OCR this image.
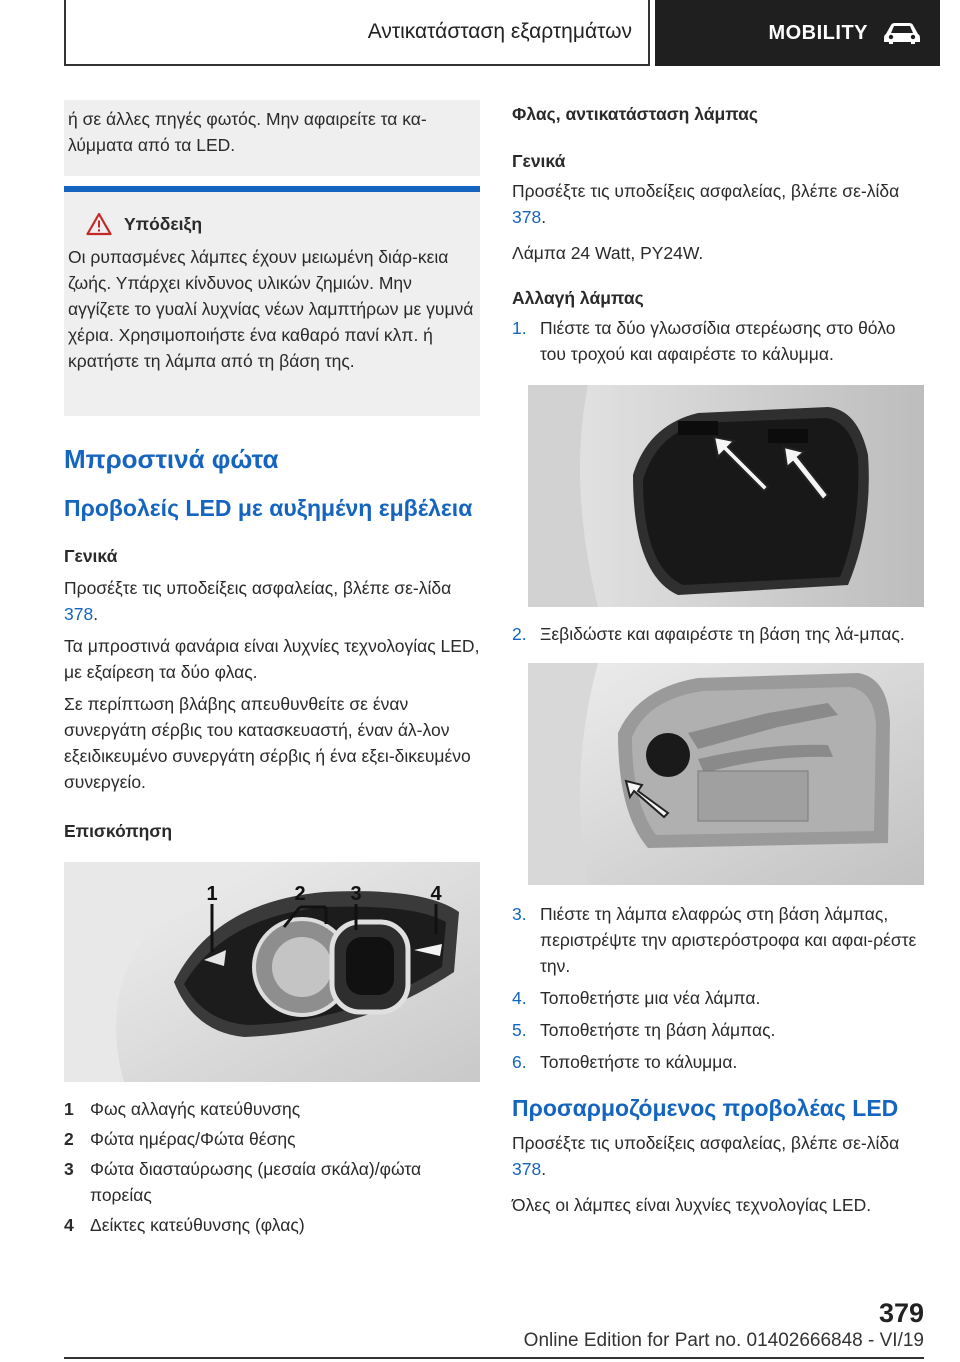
Αντικατάσταση εξαρτημάτων	MOBILITY

ή σε άλλες πηγές φωτός. Μην αφαιρείτε τα κα‐λύμματα από τα LED.

Υπόδειξη

Οι ρυπασμένες λάμπες έχουν μειωμένη διάρ‐κεια ζωής. Υπάρχει κίνδυνος υλικών ζημιών. Μην αγγίζετε το γυαλί λυχνίας νέων λαμπτήρων με γυμνά χέρια. Χρησιμοποιήστε ένα καθαρό πανί κλπ. ή κρατήστε τη λάμπα από τη βάση της.

Μπροστινά φώτα
Προβολείς LED με αυξημένη εμβέλεια
Γενικά

Προσέξτε τις υποδείξεις ασφαλείας, βλέπε σε‐λίδα 378.

Τα μπροστινά φανάρια είναι λυχνίες τεχνολογίας LED, με εξαίρεση τα δύο φλας.

Σε περίπτωση βλάβης απευθυνθείτε σε έναν συνεργάτη σέρβις του κατασκευαστή, έναν άλ‐λον εξειδικευμένο συνεργάτη σέρβις ή ένα εξει‐δικευμένο συνεργείο.

Επισκόπηση
1	2 3	4
1 Φως αλλαγής κατεύθυνσης
2 Φώτα ημέρας/Φώτα θέσης
3 Φώτα διασταύρωσης (μεσαία σκάλα)/φώτα πορείας
4 Δείκτες κατεύθυνσης (φλας)
Φλας, αντικατάσταση λάμπας
Γενικά

Προσέξτε τις υποδείξεις ασφαλείας, βλέπε σε‐λίδα 378.

Λάμπα 24 Watt, PY24W.

Αλλαγή λάμπας
1. Πιέστε τα δύο γλωσσίδια στερέωσης στο θόλο του τροχού και αφαιρέστε το κάλυμμα.
2. Ξεβιδώστε και αφαιρέστε τη βάση της λά‐μπας.
3. Πιέστε τη λάμπα ελαφρώς στη βάση λάμπας, περιστρέψτε την αριστερόστροφα και αφαι‐ρέστε την.
4. Τοποθετήστε μια νέα λάμπα.
5. Τοποθετήστε τη βάση λάμπας.
6. Τοποθετήστε το κάλυμμα.
Προσαρμοζόμενος προβολέας LED

Προσέξτε τις υποδείξεις ασφαλείας, βλέπε σε‐λίδα 378.

Όλες οι λάμπες είναι λυχνίες τεχνολογίας LED.

379
Online Edition for Part no. 01402666848 - VI/19
